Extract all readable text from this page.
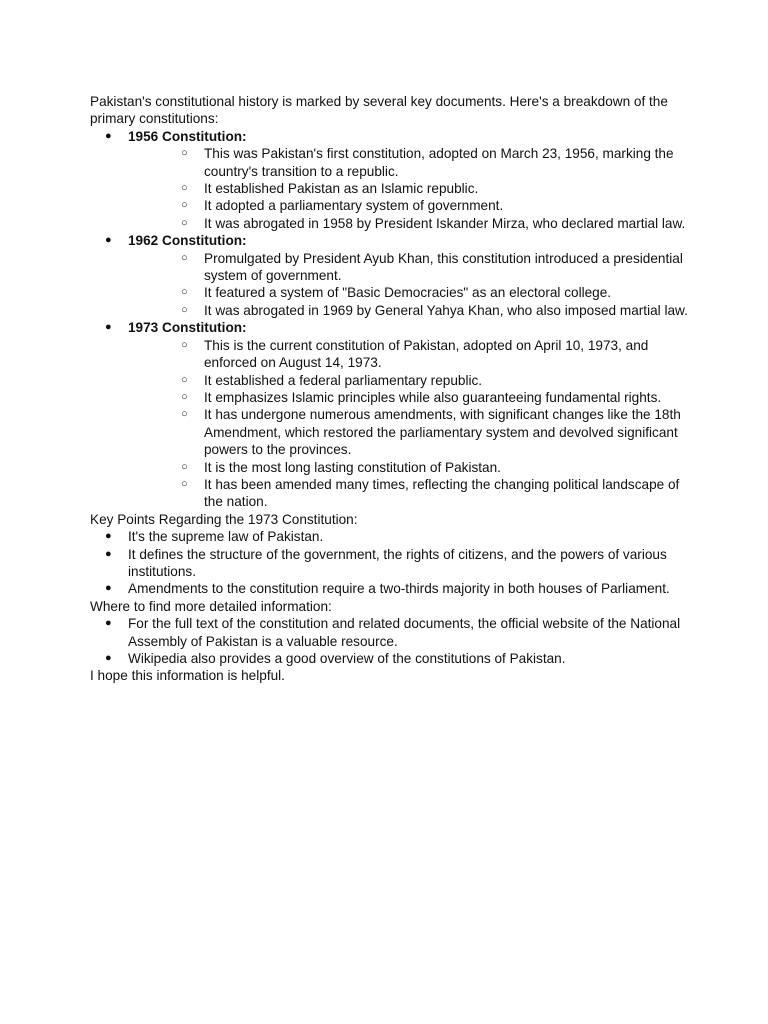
Pakistan's constitutional history is marked by several key documents. Here's a breakdown of the primary constitutions:

● 1956 Constitution:
○ This was Pakistan's first constitution, adopted on March 23, 1956, marking the country's transition to a republic.
○ It established Pakistan as an Islamic republic.
○ It adopted a parliamentary system of government.
○ It was abrogated in 1958 by President Iskander Mirza, who declared martial law.
● 1962 Constitution:
○ Promulgated by President Ayub Khan, this constitution introduced a presidential system of government.
○ It featured a system of "Basic Democracies" as an electoral college.
○ It was abrogated in 1969 by General Yahya Khan, who also imposed martial law.
● 1973 Constitution:
○ This is the current constitution of Pakistan, adopted on April 10, 1973, and enforced on August 14, 1973.
○ It established a federal parliamentary republic.
○ It emphasizes Islamic principles while also guaranteeing fundamental rights.
○ It has undergone numerous amendments, with significant changes like the 18th Amendment, which restored the parliamentary system and devolved significant powers to the provinces.
○ It is the most long lasting constitution of Pakistan.
○ It has been amended many times, reflecting the changing political landscape of the nation.

Key Points Regarding the 1973 Constitution:

● It's the supreme law of Pakistan.
● It defines the structure of the government, the rights of citizens, and the powers of various institutions.
● Amendments to the constitution require a two-thirds majority in both houses of Parliament.

Where to find more detailed information:

● For the full text of the constitution and related documents, the official website of the National Assembly of Pakistan is a valuable resource.
● Wikipedia also provides a good overview of the constitutions of Pakistan.

I hope this information is helpful.
